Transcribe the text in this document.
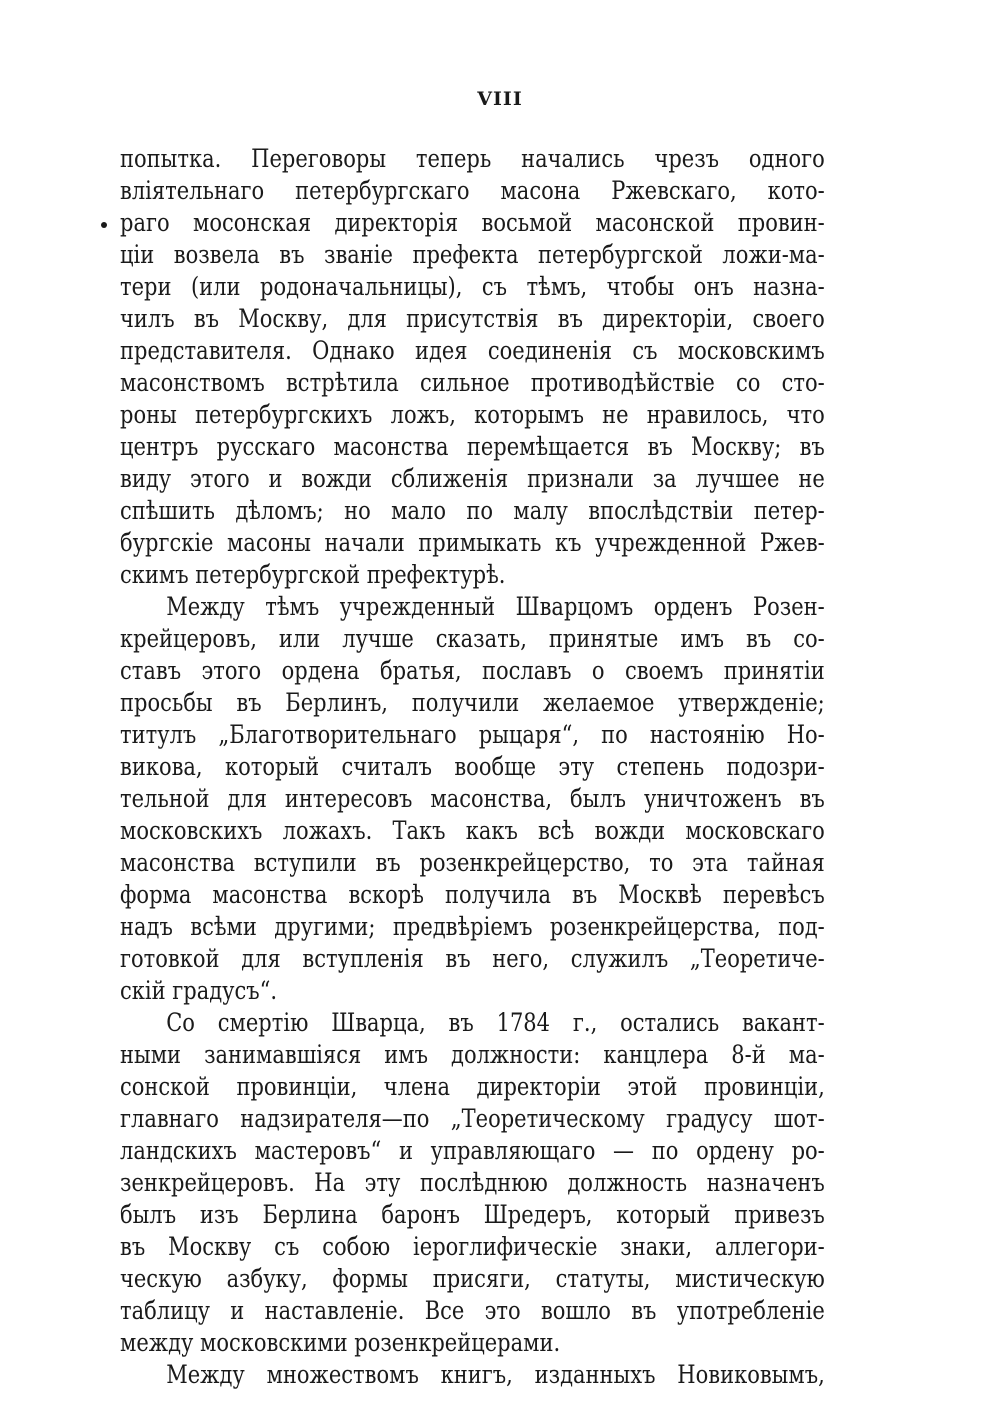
VIII
попытка. Переговоры теперь начались чрезъ одного
вліятельнаго петербургскаго масона Ржевскаго, кото-
раго мосонская директорія восьмой масонской провин-
ціи возвела въ званіе префекта петербургской ложи-ма-
тери (или родоначальницы), съ тѣмъ, чтобы онъ назна-
чилъ въ Москву, для присутствія въ директоріи, своего
представителя. Однако идея соединенія съ московскимъ
масонствомъ встрѣтила сильное противодѣйствіе со сто-
роны петербургскихъ ложъ, которымъ не нравилось, что
центръ русскаго масонства перемѣщается въ Москву; въ
виду этого и вожди сближенія признали за лучшее не
спѣшить дѣломъ; но мало по малу впослѣдствіи петер-
бургскіе масоны начали примыкать къ учрежденной Ржев-
скимъ петербургской префектурѣ.
Между тѣмъ учрежденный Шварцомъ орденъ Розен-
крейцеровъ, или лучше сказать, принятые имъ въ со-
ставъ этого ордена братья, пославъ о своемъ принятіи
просьбы въ Берлинъ, получили желаемое утвержденіе;
титулъ „Благотворительнаго рыцаря“, по настоянію Но-
викова, который считалъ вообще эту степень подозри-
тельной для интересовъ масонства, былъ уничтоженъ въ
московскихъ ложахъ. Такъ какъ всѣ вожди московскаго
масонства вступили въ розенкрейцерство, то эта тайная
форма масонства вскорѣ получила въ Москвѣ перевѣсъ
надъ всѣми другими; предвѣріемъ розенкрейцерства, под-
готовкой для вступленія въ него, служилъ „Теоретиче-
скій градусъ“.
Со смертію Шварца, въ 1784 г., остались вакант-
ными занимавшіяся имъ должности: канцлера 8-й ма-
сонской провинціи, члена директоріи этой провинціи,
главнаго надзирателя—по „Теоретическому градусу шот-
ландскихъ мастеровъ“ и управляющаго — по ордену ро-
зенкрейцеровъ. На эту послѣднюю должность назначенъ
былъ изъ Берлина баронъ Шредеръ, который привезъ
въ Москву съ собою іероглифическіе знаки, аллегори-
ческую азбуку, формы присяги, статуты, мистическую
таблицу и наставленіе. Все это вошло въ употребленіе
между московскими розенкрейцерами.
Между множествомъ книгъ, изданныхъ Новиковымъ,
